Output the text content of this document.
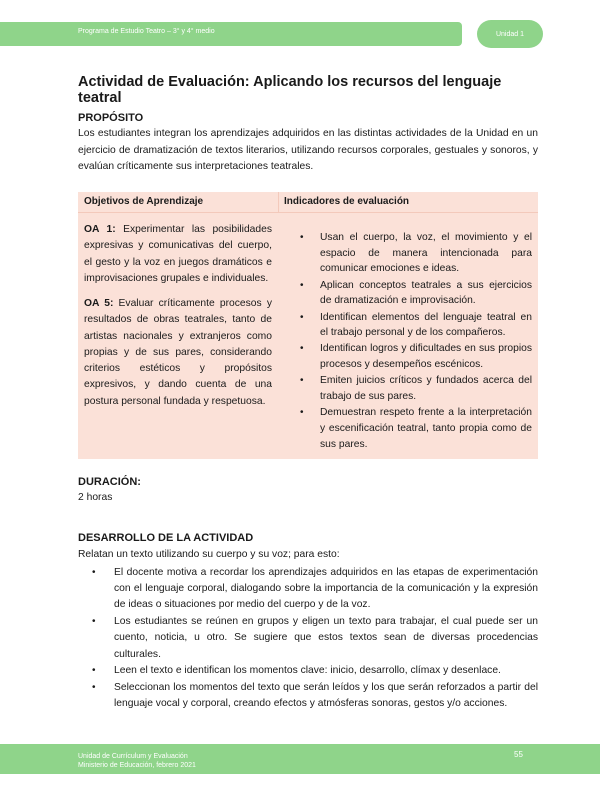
Programa de Estudio Teatro – 3° y 4° medio	Unidad 1
Actividad de Evaluación: Aplicando los recursos del lenguaje teatral
PROPÓSITO
Los estudiantes integran los aprendizajes adquiridos en las distintas actividades de la Unidad en un ejercicio de dramatización de textos literarios, utilizando recursos corporales, gestuales y sonoros, y evalúan críticamente sus interpretaciones teatrales.
Objetivos de Aprendizaje	Indicadores de evaluación
OA 1: Experimentar las posibilidades expresivas y comunicativas del cuerpo, el gesto y la voz en juegos dramáticos e improvisaciones grupales e individuales.
OA 5: Evaluar críticamente procesos y resultados de obras teatrales, tanto de artistas nacionales y extranjeros como propias y de sus pares, considerando criterios estéticos y propósitos expresivos, y dando cuenta de una postura personal fundada y respetuosa.
• Usan el cuerpo, la voz, el movimiento y el espacio de manera intencionada para comunicar emociones e ideas.
• Aplican conceptos teatrales a sus ejercicios de dramatización e improvisación.
• Identifican elementos del lenguaje teatral en el trabajo personal y de los compañeros.
• Identifican logros y dificultades en sus propios procesos y desempeños escénicos.
• Emiten juicios críticos y fundados acerca del trabajo de sus pares.
• Demuestran respeto frente a la interpretación y escenificación teatral, tanto propia como de sus pares.
DURACIÓN:
2 horas
DESARROLLO DE LA ACTIVIDAD
Relatan un texto utilizando su cuerpo y su voz; para esto:
• El docente motiva a recordar los aprendizajes adquiridos en las etapas de experimentación con el lenguaje corporal, dialogando sobre la importancia de la comunicación y la expresión de ideas o situaciones por medio del cuerpo y de la voz.
• Los estudiantes se reúnen en grupos y eligen un texto para trabajar, el cual puede ser un cuento, noticia, u otro. Se sugiere que estos textos sean de diversas procedencias culturales.
• Leen el texto e identifican los momentos clave: inicio, desarrollo, clímax y desenlace.
• Seleccionan los momentos del texto que serán leídos y los que serán reforzados a partir del lenguaje vocal y corporal, creando efectos y atmósferas sonoras, gestos y/o acciones.
Unidad de Currículum y Evaluación
Ministerio de Educación, febrero 2021
55
